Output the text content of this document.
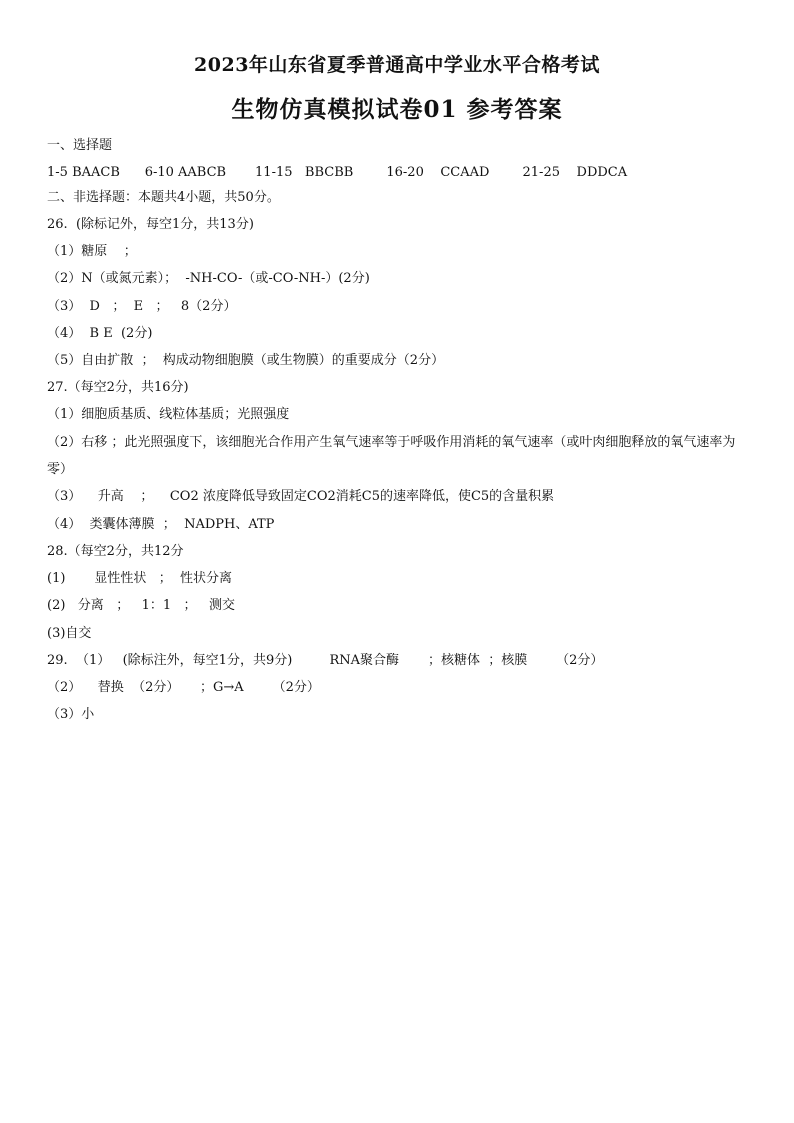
2023年山东省夏季普通高中学业水平合格考试
生物仿真模拟试卷01 参考答案
一、选择题
1-5 BAACB      6-10 AABCB       11-15   BBCBB        16-20    CCAAD        21-25    DDDCA
二、非选择题：本题共4小题，共50分。
26.  (除标记外，每空1分，共13分)
（1）糖原    ；
（2）N（或氮元素）；  -NH-CO-（或-CO-NH-）(2分)
（3）  D   ；  E   ；   8（2分）
（4）  B E  (2分)
（5）自由扩散  ；  构成动物细胞膜（或生物膜）的重要成分（2分）
27.（每空2分，共16分)
（1）细胞质基质、线粒体基质；光照强度
（2）右移 ；此光照强度下，该细胞光合作用产生氧气速率等于呼吸作用消耗的氧气速率（或叶肉细胞释放的氧气速率为零）
（3）    升高    ；    CO2 浓度降低导致固定CO2消耗C5的速率降低，使C5的含量积累
（4）  类囊体薄膜  ；  NADPH、ATP
28.（每空2分，共12分
(1)       显性性状   ；  性状分离
(2)   分离   ；   1：1   ；   测交
(3)自交
29.  （1）   (除标注外，每空1分，共9分)         RNA聚合酶       ；核糖体  ；核膜       （2分）
（2）    替换  （2分）     ；G→A       （2分）
（3）小
